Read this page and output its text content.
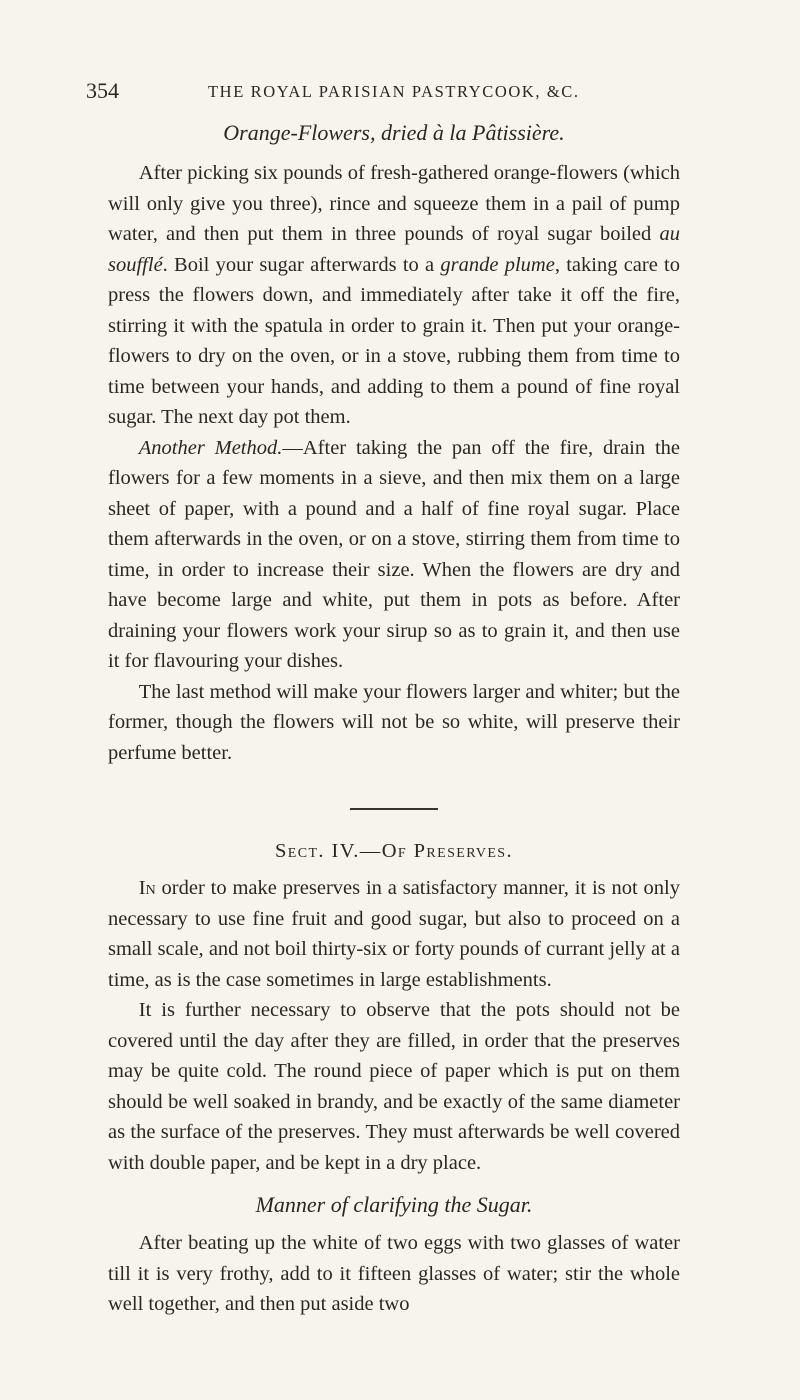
354	THE ROYAL PARISIAN PASTRYCOOK, &C.
Orange-Flowers, dried à la Pâtissière.

After picking six pounds of fresh-gathered orange-flowers (which will only give you three), rince and squeeze them in a pail of pump water, and then put them in three pounds of royal sugar boiled au soufflé. Boil your sugar afterwards to a grande plume, taking care to press the flowers down, and immediately after take it off the fire, stirring it with the spatula in order to grain it. Then put your orange-flowers to dry on the oven, or in a stove, rubbing them from time to time between your hands, and adding to them a pound of fine royal sugar. The next day pot them.

Another Method.—After taking the pan off the fire, drain the flowers for a few moments in a sieve, and then mix them on a large sheet of paper, with a pound and a half of fine royal sugar. Place them afterwards in the oven, or on a stove, stirring them from time to time, in order to increase their size. When the flowers are dry and have become large and white, put them in pots as before. After draining your flowers work your sirup so as to grain it, and then use it for flavouring your dishes.

The last method will make your flowers larger and whiter; but the former, though the flowers will not be so white, will preserve their perfume better.

Sect. IV.—Of Preserves.

In order to make preserves in a satisfactory manner, it is not only necessary to use fine fruit and good sugar, but also to proceed on a small scale, and not boil thirty-six or forty pounds of currant jelly at a time, as is the case sometimes in large establishments.

It is further necessary to observe that the pots should not be covered until the day after they are filled, in order that the preserves may be quite cold. The round piece of paper which is put on them should be well soaked in brandy, and be exactly of the same diameter as the surface of the preserves. They must afterwards be well covered with double paper, and be kept in a dry place.

Manner of clarifying the Sugar.

After beating up the white of two eggs with two glasses of water till it is very frothy, add to it fifteen glasses of water; stir the whole well together, and then put aside two
